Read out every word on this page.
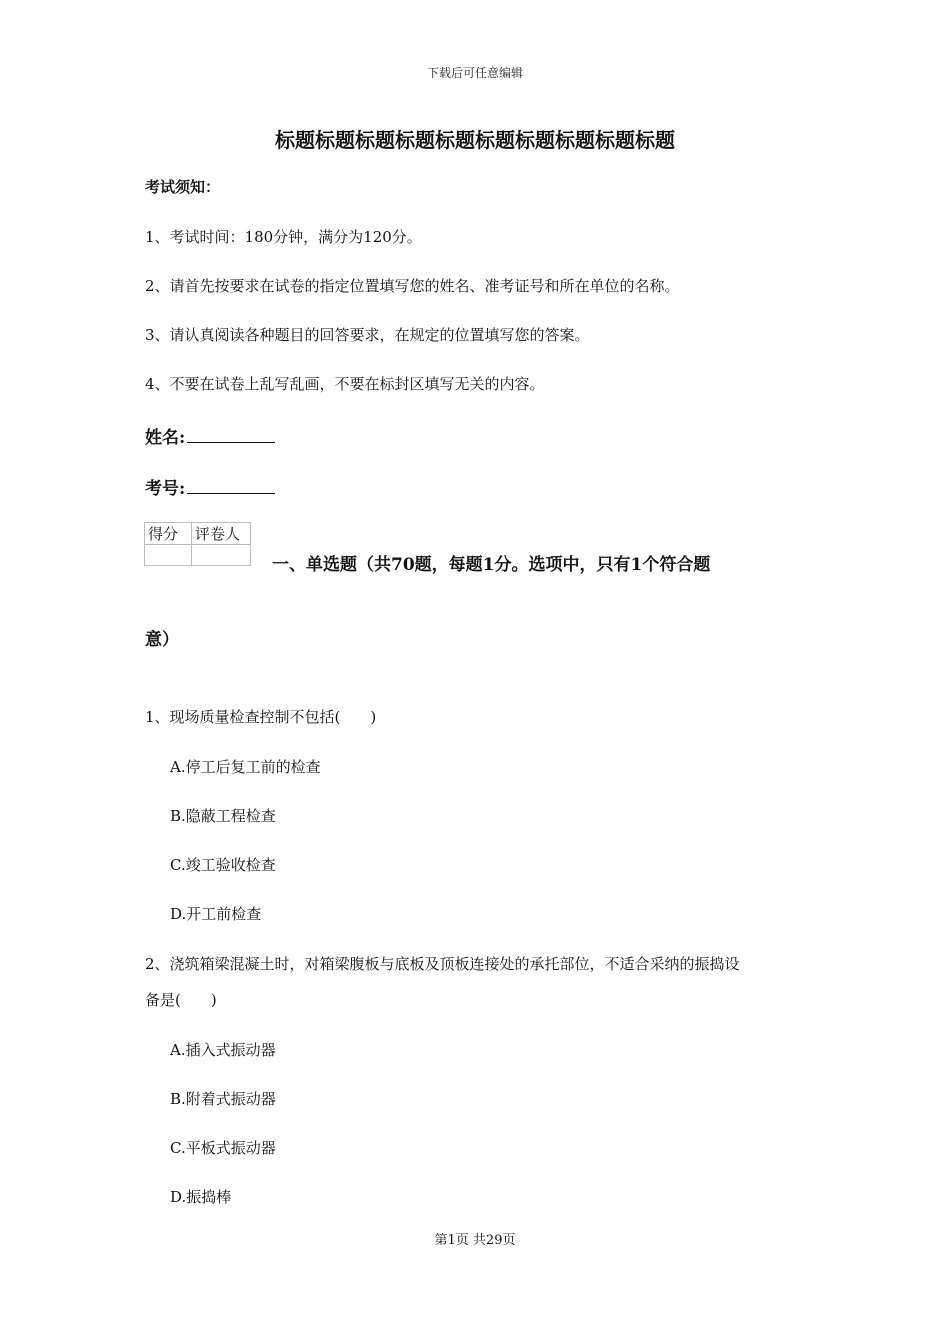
下载后可任意编辑
标题标题标题标题标题标题标题标题标题标题
考试须知：
1、考试时间：180分钟，满分为120分。
2、请首先按要求在试卷的指定位置填写您的姓名、准考证号和所在单位的名称。
3、请认真阅读各种题目的回答要求，在规定的位置填写您的答案。
4、不要在试卷上乱写乱画，不要在标封区填写无关的内容。
姓名:
考号:
得分	评卷人

一、单选题（共70题，每题1分。选项中，只有1个符合题
意）
1、现场质量检查控制不包括(　　)
A.停工后复工前的检查
B.隐蔽工程检查
C.竣工验收检查
D.开工前检查
2、浇筑箱梁混凝土时，对箱梁腹板与底板及顶板连接处的承托部位，不适合采纳的振捣设
备是(　　)
A.插入式振动器
B.附着式振动器
C.平板式振动器
D.振捣棒
第1页 共29页
